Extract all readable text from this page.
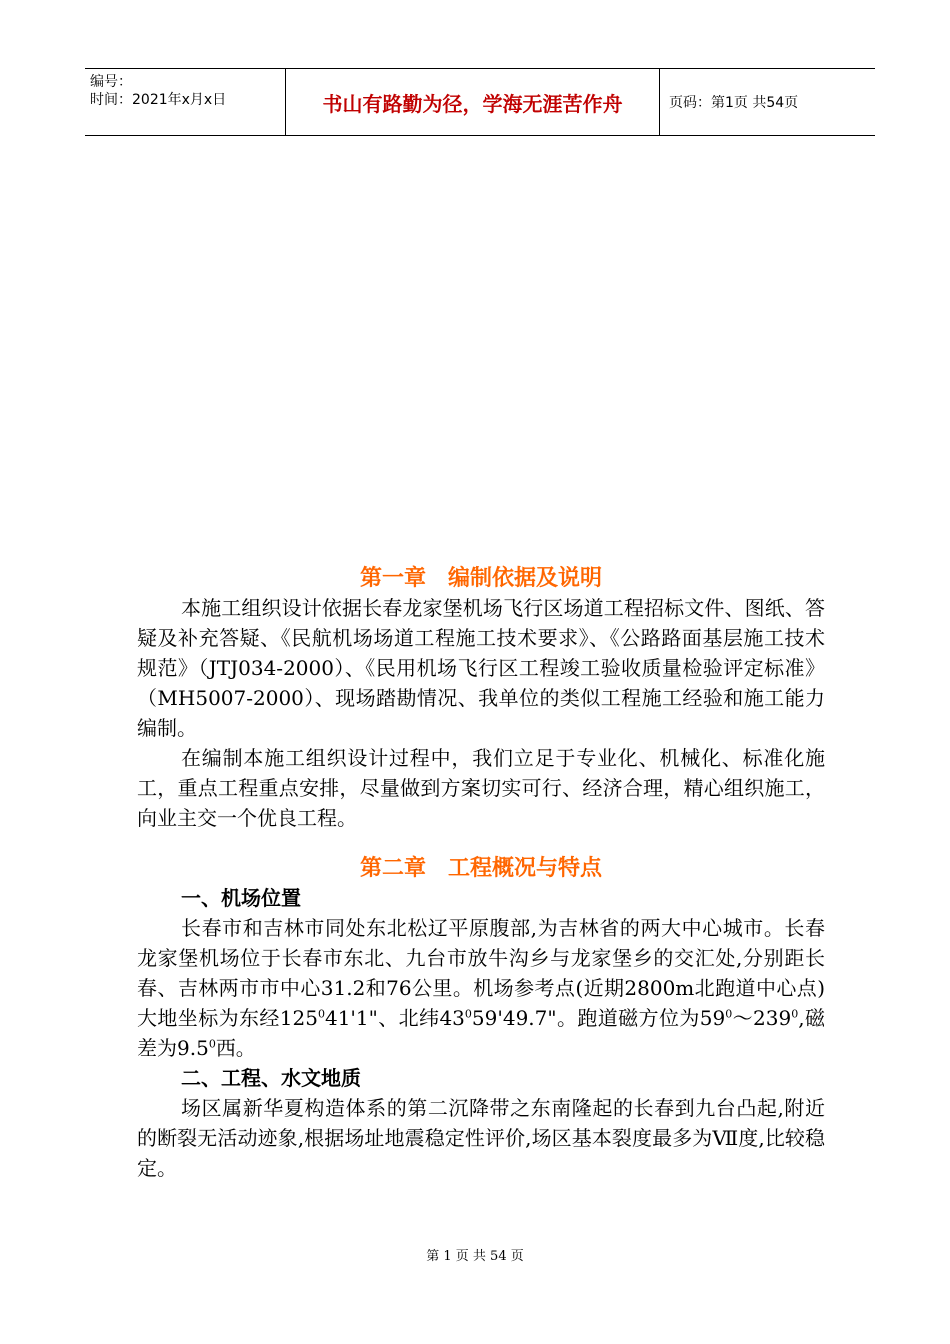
编号：
时间：2021年x月x日	书山有路勤为径，学海无涯苦作舟	页码：第1页 共54页
第一章　编制依据及说明

本施工组织设计依据长春龙家堡机场飞行区场道工程招标文件、图纸、答疑及补充答疑、《民航机场场道工程施工技术要求》、《公路路面基层施工技术规范》（JTJ034-2000）、《民用机场飞行区工程竣工验收质量检验评定标准》（MH5007-2000）、现场踏勘情况、我单位的类似工程施工经验和施工能力编制。

在编制本施工组织设计过程中，我们立足于专业化、机械化、标准化施工，重点工程重点安排，尽量做到方案切实可行、经济合理，精心组织施工，向业主交一个优良工程。

第二章　工程概况与特点

一、机场位置

长春市和吉林市同处东北松辽平原腹部,为吉林省的两大中心城市。长春龙家堡机场位于长春市东北、九台市放牛沟乡与龙家堡乡的交汇处,分别距长春、吉林两市市中心31.2和76公里。机场参考点(近期2800m北跑道中心点)大地坐标为东经$125^041'1$"、北纬$43^059'49.7$"。跑道磁方位为$59^0\sim 239^0$,磁差为$9.5^0$西。

二、工程、水文地质

场区属新华夏构造体系的第二沉降带之东南隆起的长春到九台凸起,附近的断裂无活动迹象,根据场址地震稳定性评价,场区基本裂度最多为Ⅶ度,比较稳定。

第 1 页 共 54 页
